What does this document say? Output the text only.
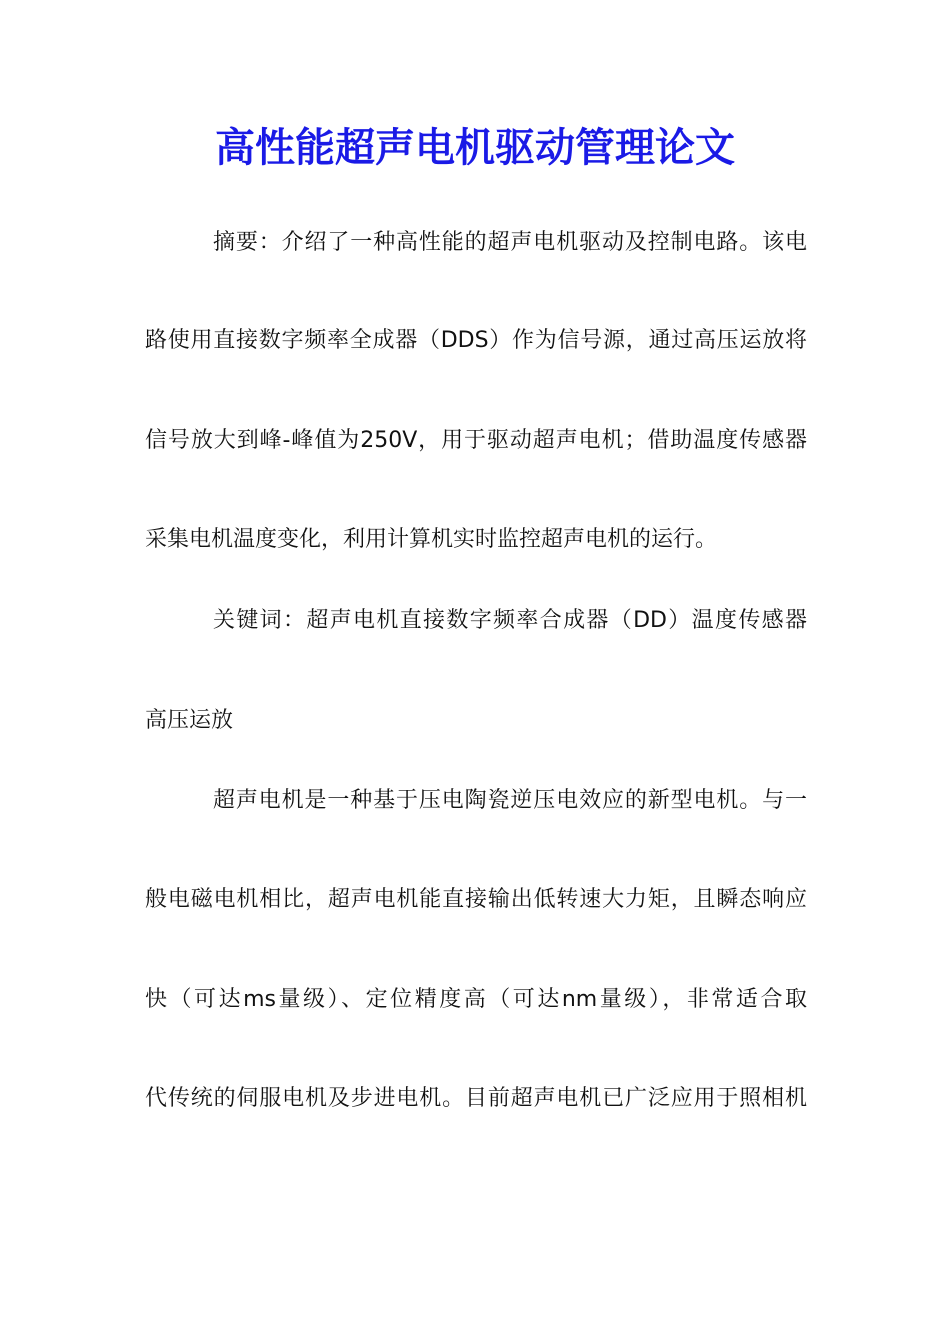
高性能超声电机驱动管理论文
摘要：介绍了一种高性能的超声电机驱动及控制电路。该电
路使用直接数字频率全成器（DDS）作为信号源，通过高压运放将
信号放大到峰-峰值为250V，用于驱动超声电机；借助温度传感器
采集电机温度变化，利用计算机实时监控超声电机的运行。
关键词：超声电机直接数字频率合成器（DD）温度传感器
高压运放
超声电机是一种基于压电陶瓷逆压电效应的新型电机。与一
般电磁电机相比，超声电机能直接输出低转速大力矩，且瞬态响应
快（可达ms量级）、定位精度高（可达nm量级），非常适合取
代传统的伺服电机及步进电机。目前超声电机已广泛应用于照相机
